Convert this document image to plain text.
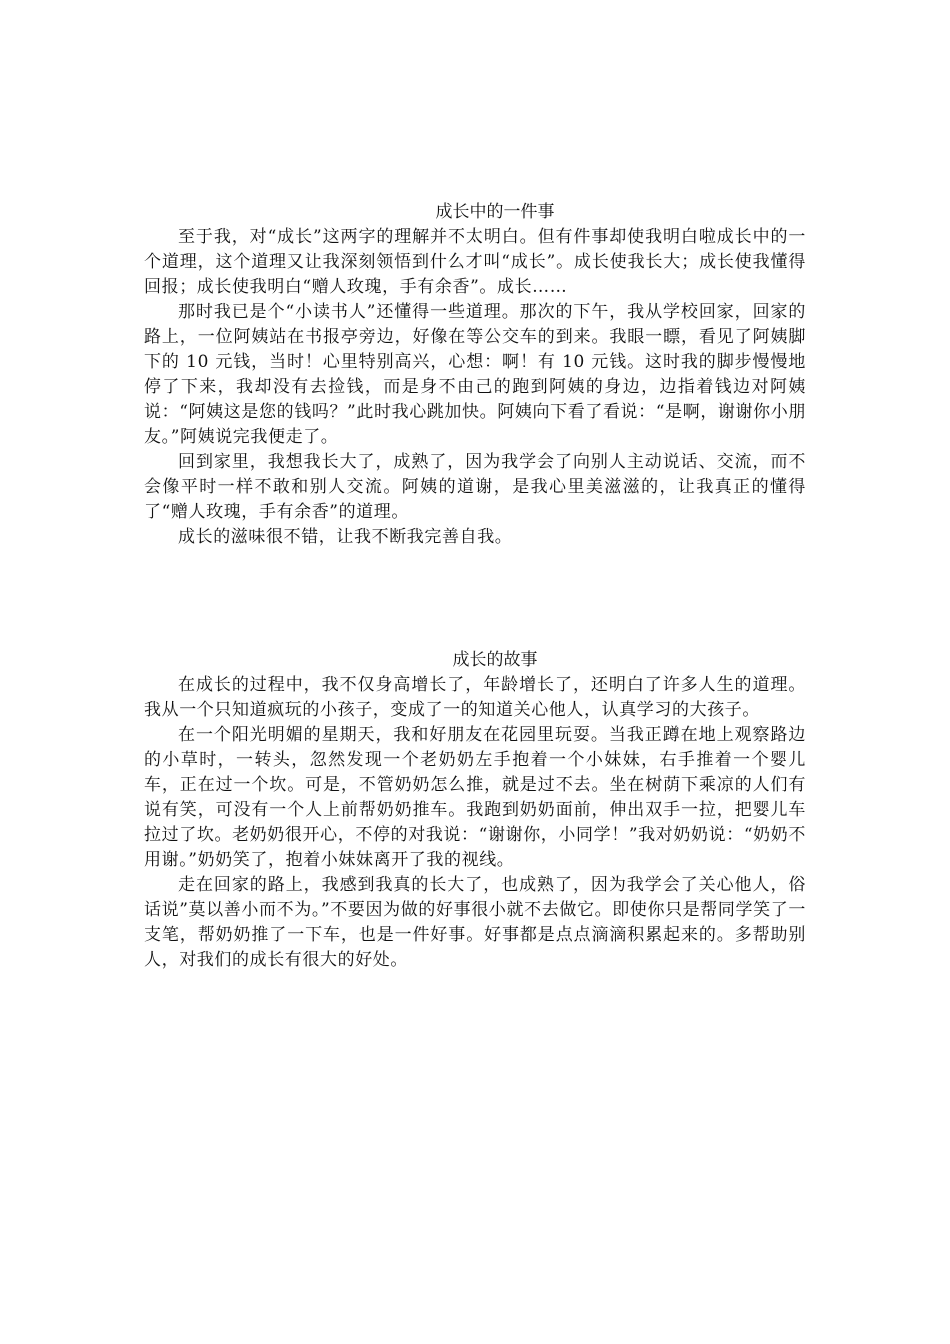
成长中的一件事

至于我，对“成长”这两字的理解并不太明白。但有件事却使我明白啦成长中的一个道理，这个道理又让我深刻领悟到什么才叫“成长”。成长使我长大；成长使我懂得回报；成长使我明白“赠人玫瑰，手有余香”。成长……

那时我已是个“小读书人”还懂得一些道理。那次的下午，我从学校回家，回家的路上，一位阿姨站在书报亭旁边，好像在等公交车的到来。我眼一瞟，看见了阿姨脚下的 10 元钱，当时！心里特别高兴，心想：啊！有 10 元钱。这时我的脚步慢慢地停了下来，我却没有去捡钱，而是身不由己的跑到阿姨的身边，边指着钱边对阿姨说：“阿姨这是您的钱吗？”此时我心跳加快。阿姨向下看了看说：“是啊，谢谢你小朋友。”阿姨说完我便走了。

回到家里，我想我长大了，成熟了，因为我学会了向别人主动说话、交流，而不会像平时一样不敢和别人交流。阿姨的道谢，是我心里美滋滋的，让我真正的懂得了“赠人玫瑰，手有余香”的道理。

成长的滋味很不错，让我不断我完善自我。

成长的故事

在成长的过程中，我不仅身高增长了，年龄增长了，还明白了许多人生的道理。我从一个只知道疯玩的小孩子，变成了一的知道关心他人，认真学习的大孩子。

在一个阳光明媚的星期天，我和好朋友在花园里玩耍。当我正蹲在地上观察路边的小草时，一转头，忽然发现一个老奶奶左手抱着一个小妹妹，右手推着一个婴儿车，正在过一个坎。可是，不管奶奶怎么推，就是过不去。坐在树荫下乘凉的人们有说有笑，可没有一个人上前帮奶奶推车。我跑到奶奶面前，伸出双手一拉，把婴儿车拉过了坎。老奶奶很开心，不停的对我说：“谢谢你，小同学！”我对奶奶说：“奶奶不用谢。”奶奶笑了，抱着小妹妹离开了我的视线。

走在回家的路上，我感到我真的长大了，也成熟了，因为我学会了关心他人，俗话说”莫以善小而不为。”不要因为做的好事很小就不去做它。即使你只是帮同学笑了一支笔，帮奶奶推了一下车，也是一件好事。好事都是点点滴滴积累起来的。多帮助别人，对我们的成长有很大的好处。
